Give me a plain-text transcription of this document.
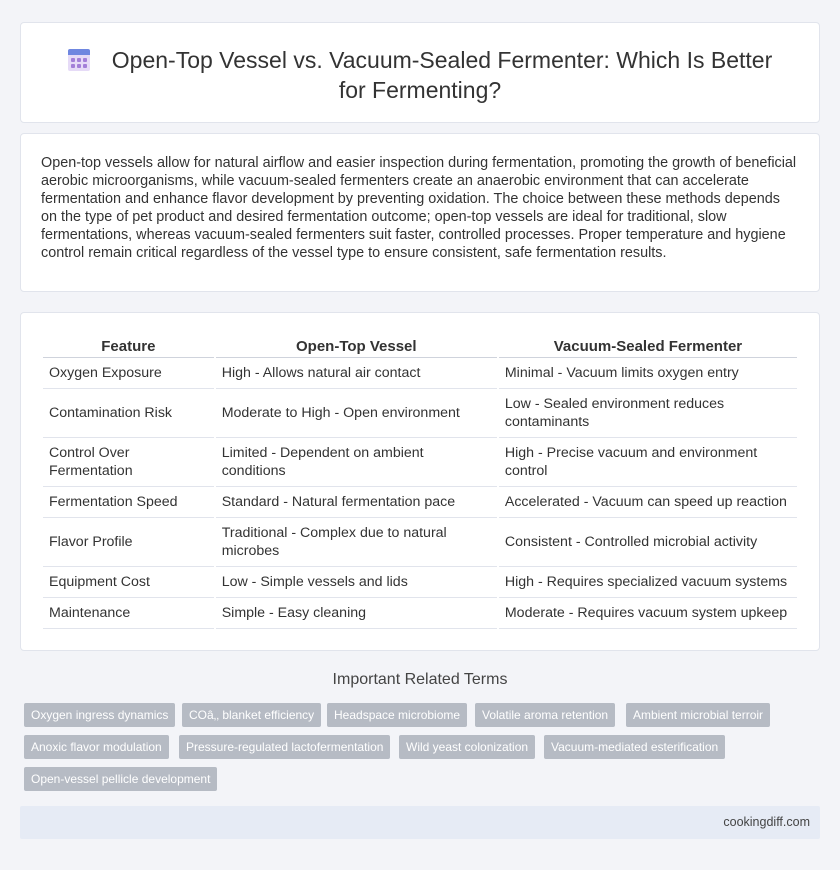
Open-Top Vessel vs. Vacuum-Sealed Fermenter: Which Is Better for Fermenting?

Open-top vessels allow for natural airflow and easier inspection during fermentation, promoting the growth of beneficial aerobic microorganisms, while vacuum-sealed fermenters create an anaerobic environment that can accelerate fermentation and enhance flavor development by preventing oxidation. The choice between these methods depends on the type of pet product and desired fermentation outcome; open-top vessels are ideal for traditional, slow fermentations, whereas vacuum-sealed fermenters suit faster, controlled processes. Proper temperature and hygiene control remain critical regardless of the vessel type to ensure consistent, safe fermentation results.

Feature	Open-Top Vessel	Vacuum-Sealed Fermenter
Oxygen Exposure	High - Allows natural air contact	Minimal - Vacuum limits oxygen entry
Contamination Risk	Moderate to High - Open environment	Low - Sealed environment reduces contaminants
Control Over Fermentation	Limited - Dependent on ambient conditions	High - Precise vacuum and environment control
Fermentation Speed	Standard - Natural fermentation pace	Accelerated - Vacuum can speed up reaction
Flavor Profile	Traditional - Complex due to natural microbes	Consistent - Controlled microbial activity
Equipment Cost	Low - Simple vessels and lids	High - Requires specialized vacuum systems
Maintenance	Simple - Easy cleaning	Moderate - Requires vacuum system upkeep
Important Related Terms
Oxygen ingress dynamics	COâ‚‚ blanket efficiency	Headspace microbiome	Volatile aroma retention	Ambient microbial terroir
Anoxic flavor modulation	Pressure-regulated lactofermentation	Wild yeast colonization	Vacuum-mediated esterification
Open-vessel pellicle development
cookingdiff.com
